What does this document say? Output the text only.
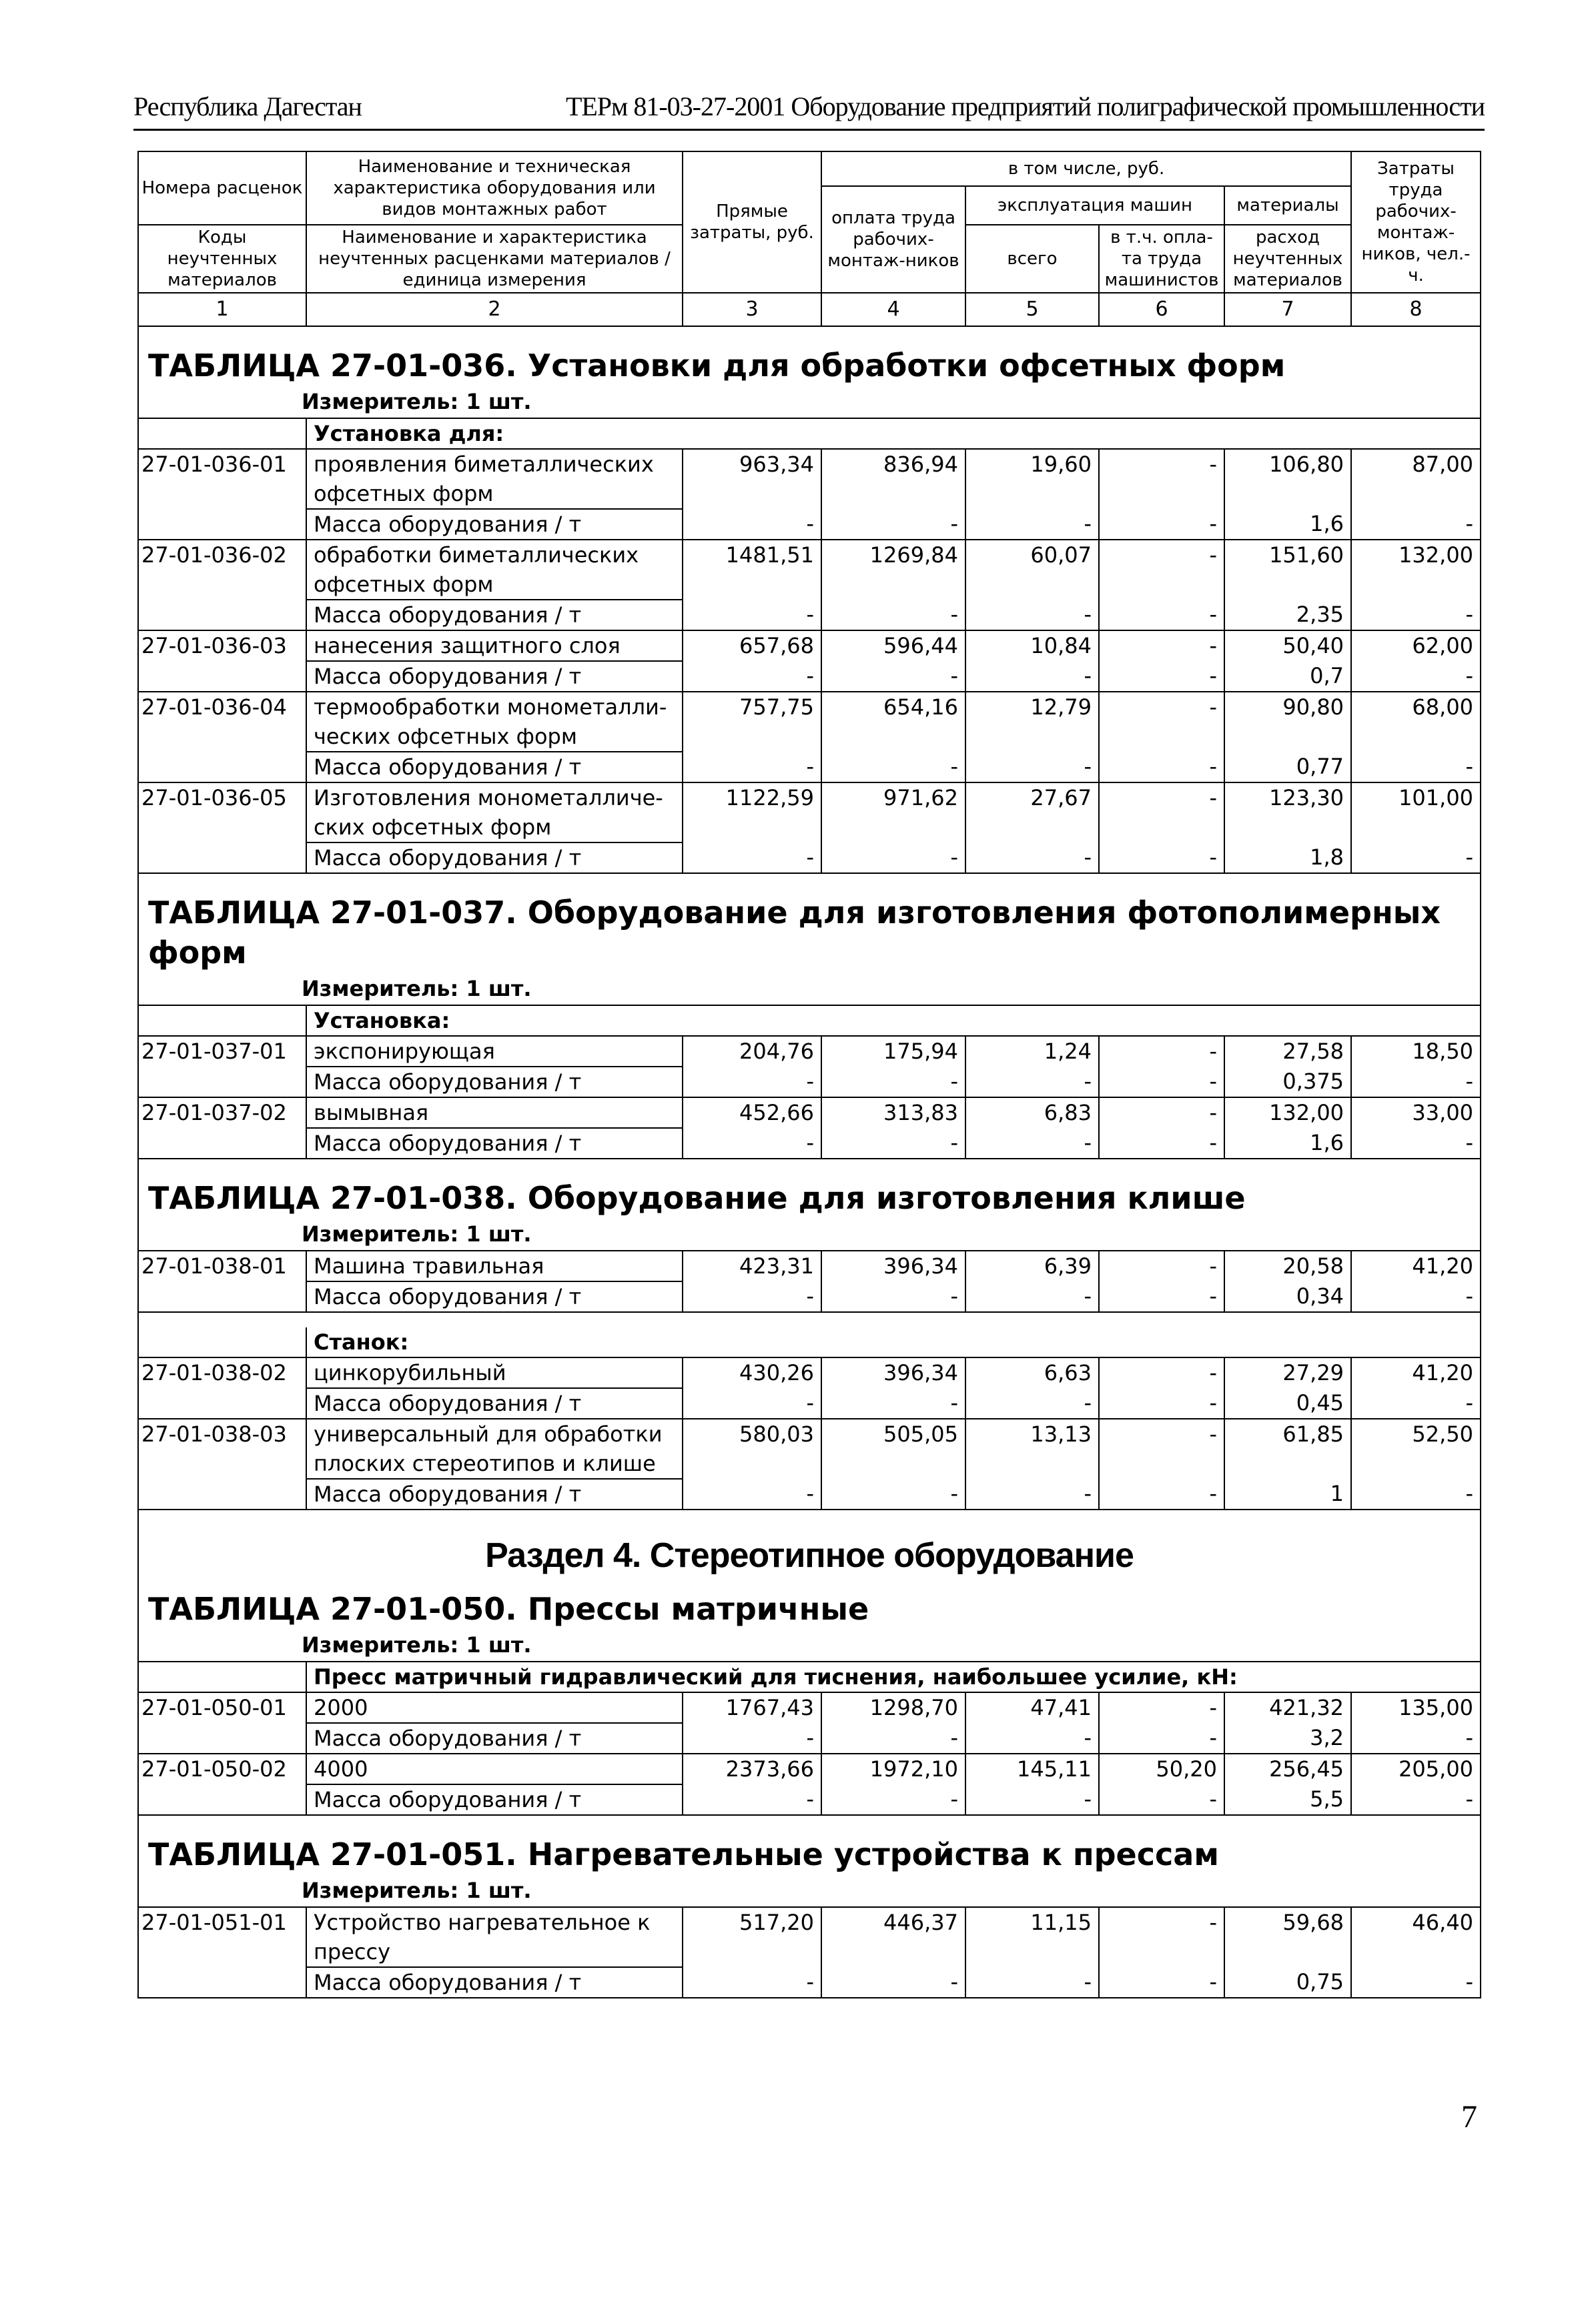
Республика Дагестан	ТЕРм 81-03-27-2001 Оборудование предприятий полиграфической промышленности
Номера расценок	Наименование и техническая характеристика оборудования или видов монтажных работ	Прямые затраты, руб.	в том числе, руб.				Затраты труда рабочих-монтаж-ников, чел.-ч.
			оплата труда рабочих-монтаж-ников	эксплуатация машин		материалы	
Коды неучтенных материалов	Наименование и характеристика неучтенных расценками материалов / единица измерения			всего	в т.ч. опла-та труда машинистов	расход неучтенных материалов	

1	2	3	4	5	6	7	8

ТАБЛИЦА 27-01-036. Установки для обработки офсетных форм
Измеритель: 1 шт.							

	Установка для:						
27-01-036-01	проявления биметаллических офсетных форм	963,34	836,94	19,60	-	106,80	87,00
	Масса оборудования / т	-	-	-	-	1,6	-
27-01-036-02	обработки биметаллических офсетных форм	1481,51	1269,84	60,07	-	151,60	132,00
	Масса оборудования / т	-	-	-	-	2,35	-
27-01-036-03	нанесения защитного слоя	657,68	596,44	10,84	-	50,40	62,00
	Масса оборудования / т	-	-	-	-	0,7	-
27-01-036-04	термообработки монометалли-ческих офсетных форм	757,75	654,16	12,79	-	90,80	68,00
	Масса оборудования / т	-	-	-	-	0,77	-
27-01-036-05	Изготовления монометалличе-ских офсетных форм	1122,59	971,62	27,67	-	123,30	101,00
	Масса оборудования / т	-	-	-	-	1,8	-

ТАБЛИЦА 27-01-037. Оборудование для изготовления фотополимерных форм
Измеритель: 1 шт.							

	Установка:						
27-01-037-01	экспонирующая	204,76	175,94	1,24	-	27,58	18,50
	Масса оборудования / т	-	-	-	-	0,375	-
27-01-037-02	вымывная	452,66	313,83	6,83	-	132,00	33,00
	Масса оборудования / т	-	-	-	-	1,6	-

ТАБЛИЦА 27-01-038. Оборудование для изготовления клише
Измеритель: 1 шт.							

27-01-038-01	Машина травильная	423,31	396,34	6,39	-	20,58	41,20
	Масса оборудования / т	-	-	-	-	0,34	-

	Станок:						
27-01-038-02	цинкорубильный	430,26	396,34	6,63	-	27,29	41,20
	Масса оборудования / т	-	-	-	-	0,45	-
27-01-038-03	универсальный для обработки плоских стереотипов и клише	580,03	505,05	13,13	-	61,85	52,50
	Масса оборудования / т	-	-	-	-	1	-

Раздел 4. Стереотипное оборудование
ТАБЛИЦА 27-01-050. Прессы матричные
Измеритель: 1 шт.							

	Пресс матричный гидравлический для тиснения, наибольшее усилие, кН:						
27-01-050-01	2000	1767,43	1298,70	47,41	-	421,32	135,00
	Масса оборудования / т	-	-	-	-	3,2	-
27-01-050-02	4000	2373,66	1972,10	145,11	50,20	256,45	205,00
	Масса оборудования / т	-	-	-	-	5,5	-

ТАБЛИЦА 27-01-051. Нагревательные устройства к прессам
Измеритель: 1 шт.							

27-01-051-01	Устройство нагревательное к прессу	517,20	446,37	11,15	-	59,68	46,40
	Масса оборудования / т	-	-	-	-	0,75	-
7
